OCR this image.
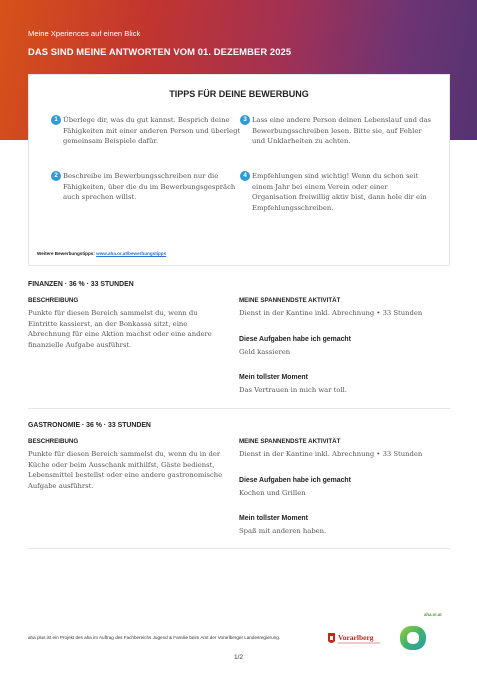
Meine Xperiences auf einen Blick
DAS SIND MEINE ANTWORTEN VOM 01. DEZEMBER 2025
TIPPS FÜR DEINE BEWERBUNG
1 Überlege dir, was du gut kannst. Besprich deine Fähigkeiten mit einer anderen Person und überlegt gemeinsam Beispiele dafür.
2 Beschreibe im Bewerbungsschreiben nur die Fähigkeiten, über die du im Bewerbungsgespräch auch sprechen willst.
3 Lass eine andere Person deinen Lebenslauf und das Bewerbungsschreiben lesen. Bitte sie, auf Fehler und Unklarheiten zu achten.
4 Empfehlungen sind wichtig! Wenn du schon seit einem Jahr bei einem Verein oder einer Organisation freiwillig aktiv bist, dann hole dir ein Empfehlungsschreiben.
Weitere Bewerbungstipps: www.aha.or.at/bewerbungstipps
FINANZEN · 36 % · 33 STUNDEN
BESCHREIBUNG
Punkte für diesen Bereich sammelst du, wenn du Eintritte kassierst, an der Bonkassa sitzt, eine Abrechnung für eine Aktion machst oder eine andere finanzielle Aufgabe ausführst.
MEINE SPANNENDSTE AKTIVITÄT
Dienst in der Kantine inkl. Abrechnung • 33 Stunden
Diese Aufgaben habe ich gemacht
Geld kassieren
Mein tollster Moment
Das Vertrauen in mich war toll.
GASTRONOMIE · 36 % · 33 STUNDEN
BESCHREIBUNG
Punkte für diesen Bereich sammelst du, wenn du in der Küche oder beim Ausschank mithilfst, Gäste bedienst, Lebensmittel bestellst oder eine andere gastronomische Aufgabe ausführst.
MEINE SPANNENDSTE AKTIVITÄT
Dienst in der Kantine inkl. Abrechnung • 33 Stunden
Diese Aufgaben habe ich gemacht
Kochen und Grillen
Mein tollster Moment
Spaß mit anderen haben.
aha plus ist ein Projekt des aha im Auftrag des Fachbereichs Jugend & Familie beim Amt der Vorarlberger Landesregierung.
1/2
Vorarlberg
aha.or.at
